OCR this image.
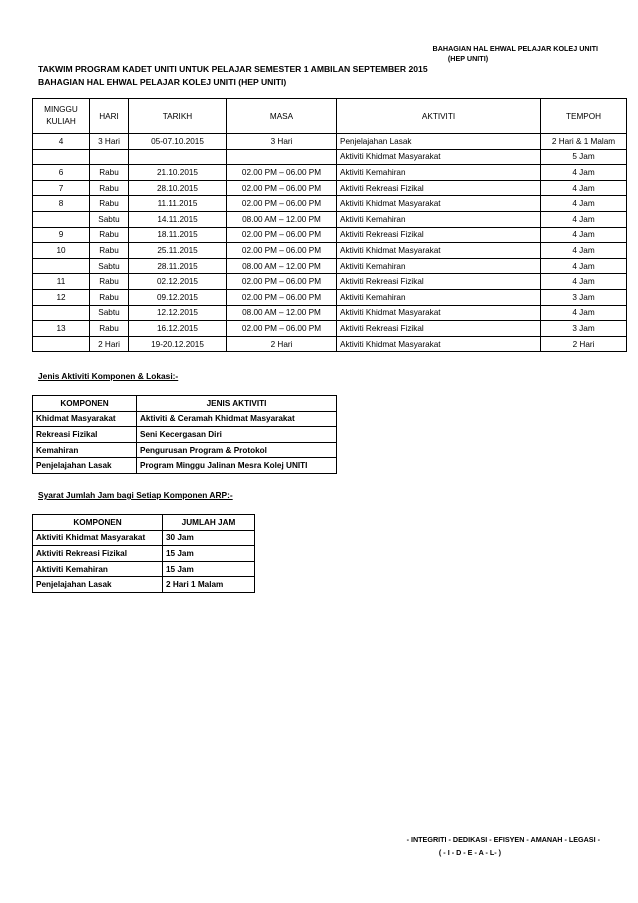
BAHAGIAN HAL EHWAL PELAJAR KOLEJ UNITI
(HEP UNITI)
TAKWIM PROGRAM KADET UNITI UNTUK PELAJAR SEMESTER 1 AMBILAN SEPTEMBER 2015
BAHAGIAN HAL EHWAL PELAJAR KOLEJ UNITI (HEP UNITI)
MINGGU KULIAH	HARI	TARIKH	MASA	AKTIVITI	TEMPOH
4	3 Hari	05-07.10.2015	3 Hari	Penjelajahan Lasak	2 Hari & 1 Malam
				Aktiviti Khidmat Masyarakat	5 Jam
6	Rabu	21.10.2015	02.00 PM – 06.00 PM	Aktiviti Kemahiran	4 Jam
7	Rabu	28.10.2015	02.00 PM – 06.00 PM	Aktiviti Rekreasi Fizikal	4 Jam
8	Rabu	11.11.2015	02.00 PM – 06.00 PM	Aktiviti Khidmat Masyarakat	4 Jam
	Sabtu	14.11.2015	08.00 AM – 12.00 PM	Aktiviti Kemahiran	4 Jam
9	Rabu	18.11.2015	02.00 PM – 06.00 PM	Aktiviti Rekreasi Fizikal	4 Jam
10	Rabu	25.11.2015	02.00 PM – 06.00 PM	Aktiviti Khidmat Masyarakat	4 Jam
	Sabtu	28.11.2015	08.00 AM – 12.00 PM	Aktiviti Kemahiran	4 Jam
11	Rabu	02.12.2015	02.00 PM – 06.00 PM	Aktiviti Rekreasi Fizikal	4 Jam
12	Rabu	09.12.2015	02.00 PM – 06.00 PM	Aktiviti Kemahiran	3 Jam
	Sabtu	12.12.2015	08.00 AM – 12.00 PM	Aktiviti Khidmat Masyarakat	4 Jam
13	Rabu	16.12.2015	02.00 PM – 06.00 PM	Aktiviti Rekreasi Fizikal	3 Jam
	2 Hari	19-20.12.2015	2 Hari	Aktiviti Khidmat Masyarakat	2 Hari
Jenis Aktiviti Komponen & Lokasi:-
KOMPONEN	JENIS AKTIVITI
Khidmat Masyarakat	Aktiviti & Ceramah Khidmat Masyarakat
Rekreasi Fizikal	Seni Kecergasan Diri
Kemahiran	Pengurusan Program & Protokol
Penjelajahan Lasak	Program Minggu Jalinan Mesra Kolej UNITI
Syarat Jumlah Jam bagi Setiap Komponen ARP:-
KOMPONEN	JUMLAH JAM
Aktiviti Khidmat Masyarakat	30 Jam
Aktiviti Rekreasi Fizikal	15 Jam
Aktiviti Kemahiran	15 Jam
Penjelajahan Lasak	2 Hari 1 Malam
- INTEGRITI - DEDIKASI - EFISYEN - AMANAH - LEGASI -
( - I - D - E - A - L- )
